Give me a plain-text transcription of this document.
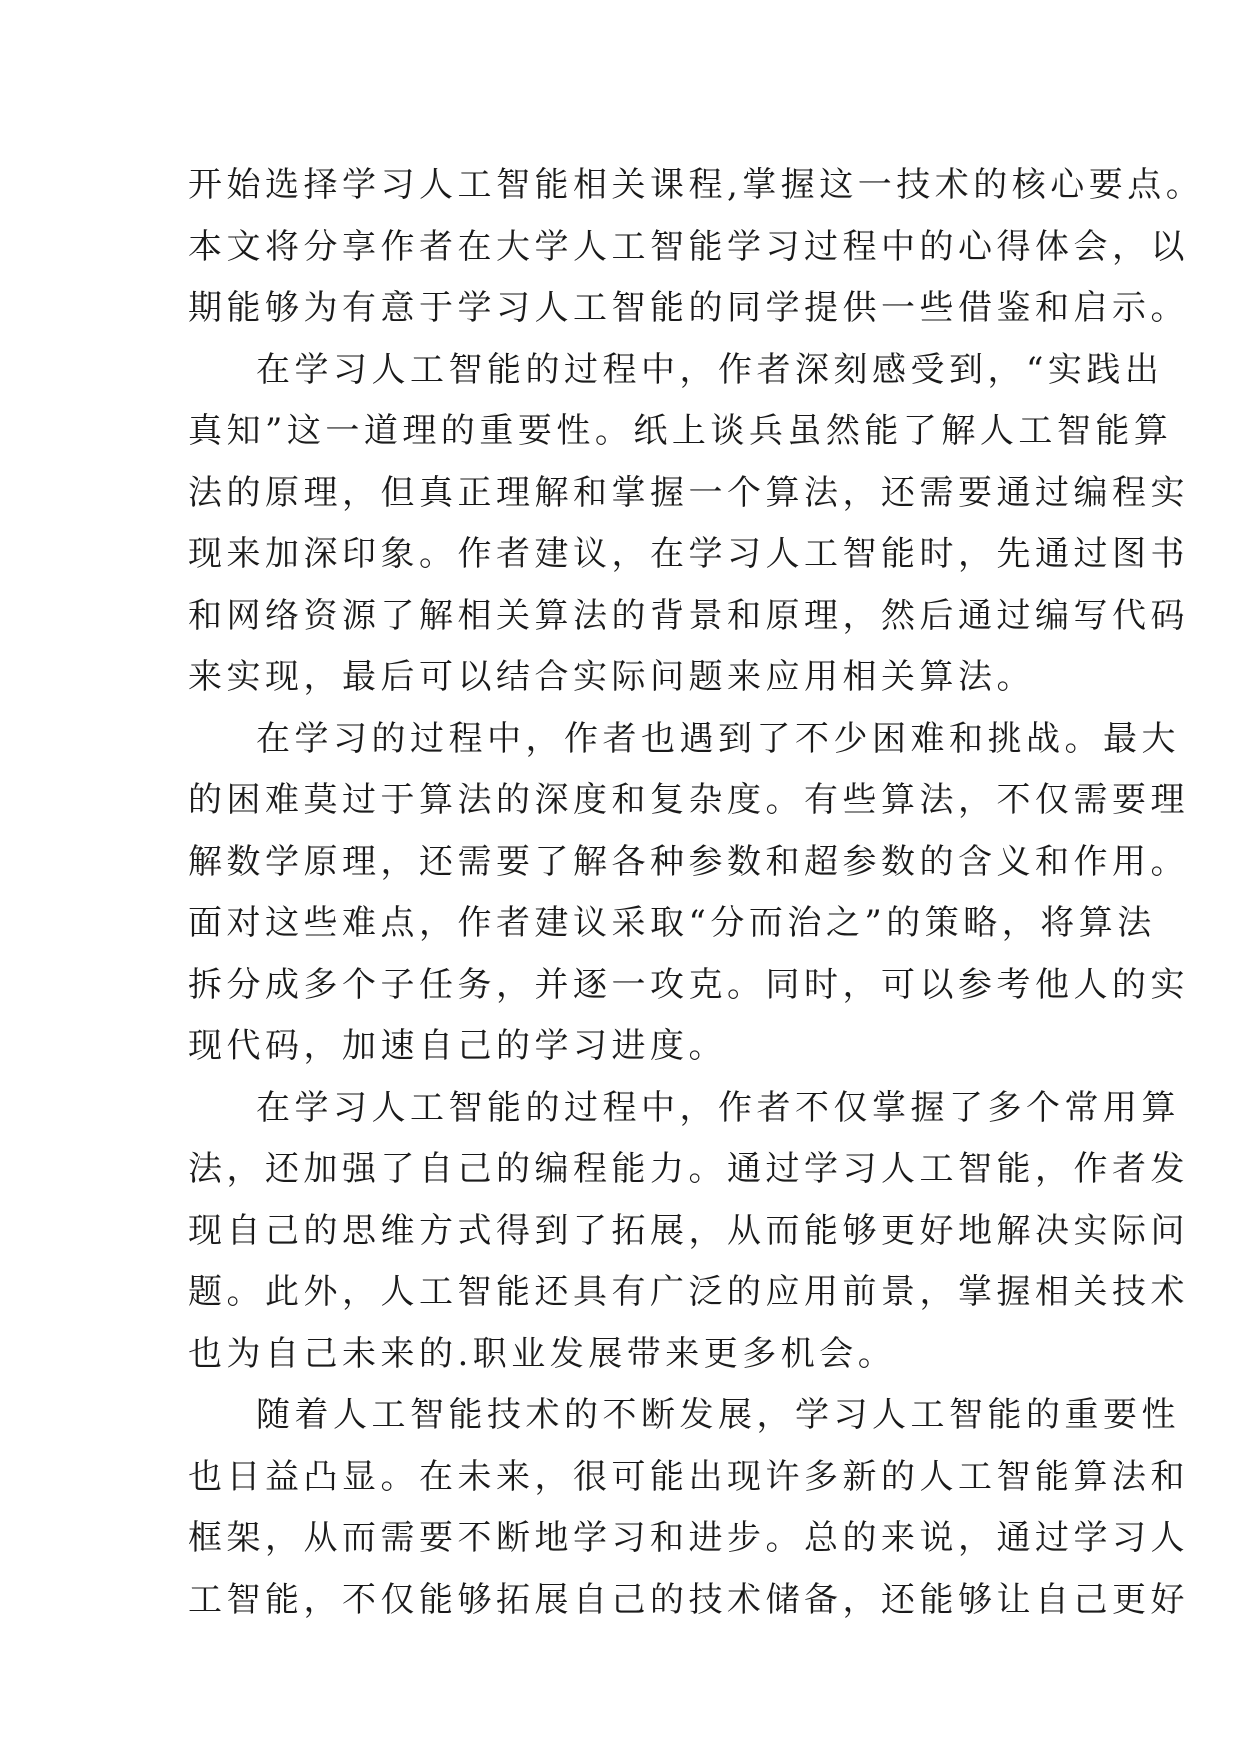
开始选择学习人工智能相关课程,掌握这一技术的核心要点。
本文将分享作者在大学人工智能学习过程中的心得体会，以
期能够为有意于学习人工智能的同学提供一些借鉴和启示。
在学习人工智能的过程中，作者深刻感受到，“实践出
真知”这一道理的重要性。纸上谈兵虽然能了解人工智能算
法的原理，但真正理解和掌握一个算法，还需要通过编程实
现来加深印象。作者建议，在学习人工智能时，先通过图书
和网络资源了解相关算法的背景和原理，然后通过编写代码
来实现，最后可以结合实际问题来应用相关算法。
在学习的过程中，作者也遇到了不少困难和挑战。最大
的困难莫过于算法的深度和复杂度。有些算法，不仅需要理
解数学原理，还需要了解各种参数和超参数的含义和作用。
面对这些难点，作者建议采取“分而治之”的策略，将算法
拆分成多个子任务，并逐一攻克。同时，可以参考他人的实
现代码，加速自己的学习进度。
在学习人工智能的过程中，作者不仅掌握了多个常用算
法，还加强了自己的编程能力。通过学习人工智能，作者发
现自己的思维方式得到了拓展，从而能够更好地解决实际问
题。此外，人工智能还具有广泛的应用前景，掌握相关技术
也为自己未来的.职业发展带来更多机会。
随着人工智能技术的不断发展，学习人工智能的重要性
也日益凸显。在未来，很可能出现许多新的人工智能算法和
框架，从而需要不断地学习和进步。总的来说，通过学习人
工智能，不仅能够拓展自己的技术储备，还能够让自己更好
